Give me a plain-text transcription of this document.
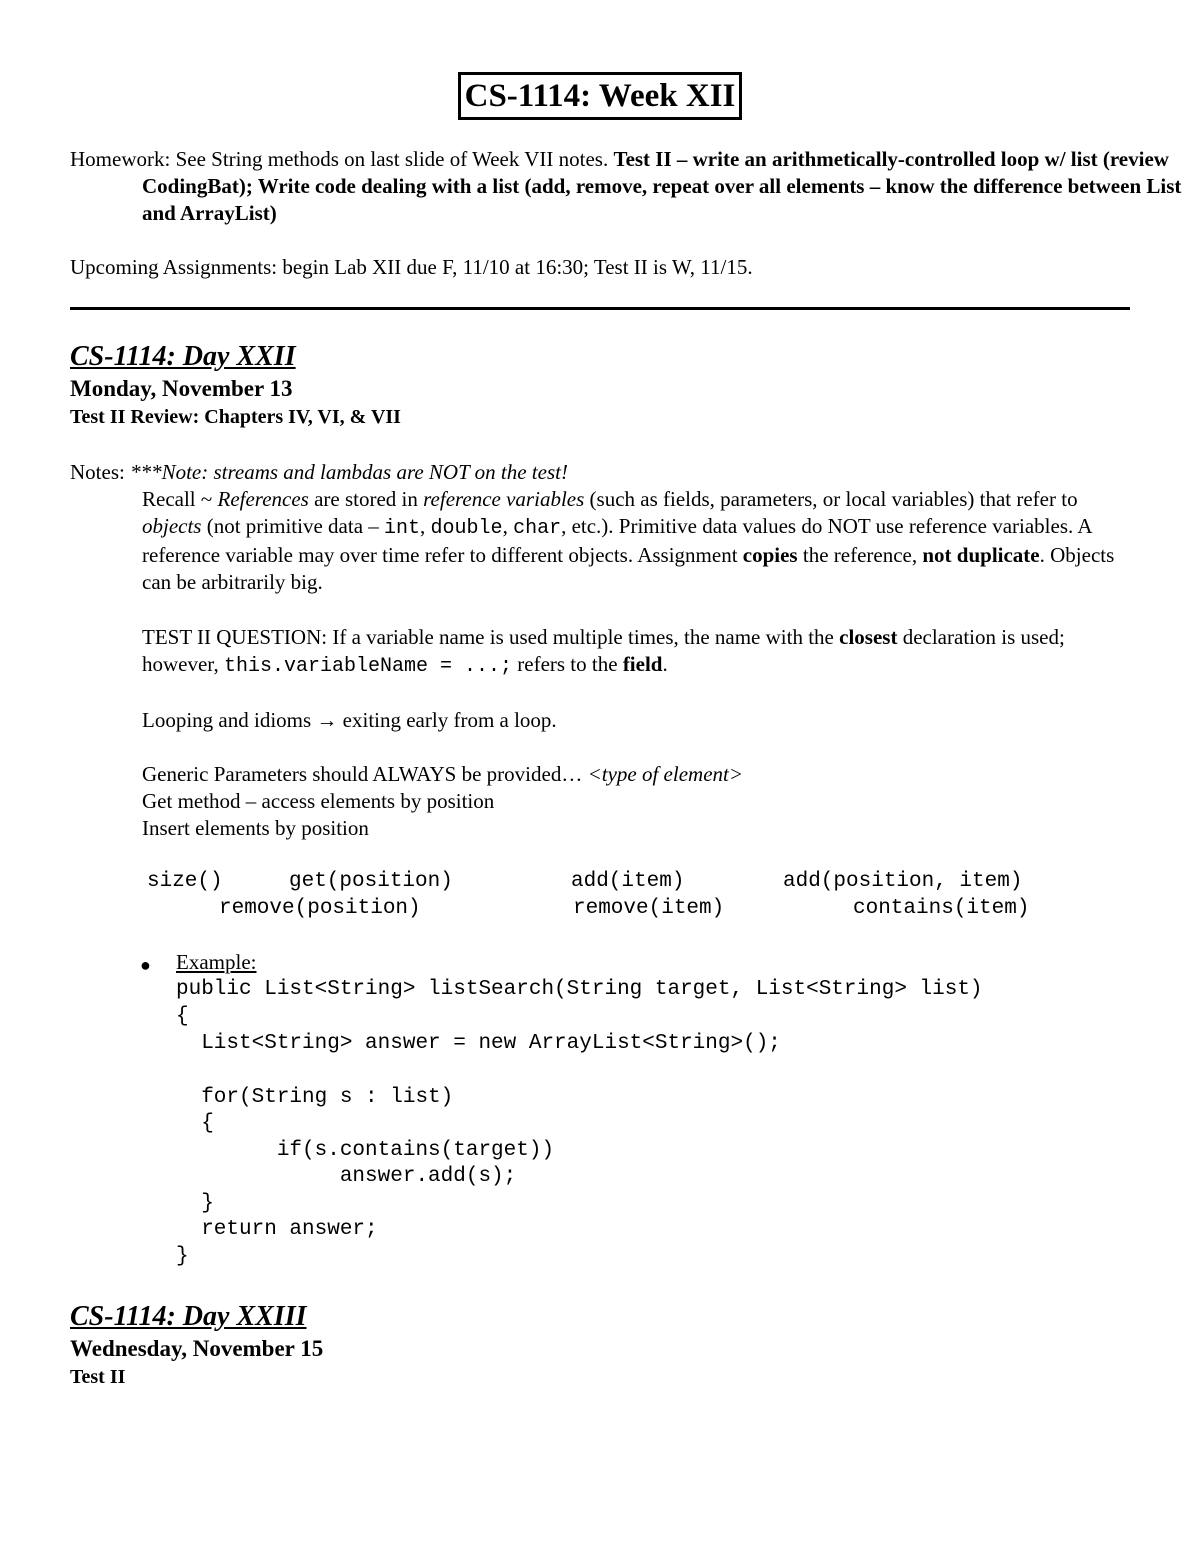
CS-1114: Week XII
Homework: See String methods on last slide of Week VII notes. Test II – write an arithmetically-controlled loop w/ list (review CodingBat); Write code dealing with a list (add, remove, repeat over all elements – know the difference between List and ArrayList)
Upcoming Assignments: begin Lab XII due F, 11/10 at 16:30; Test II is W, 11/15.
CS-1114: Day XXII
Monday, November 13
Test II Review: Chapters IV, VI, & VII
Notes: ***Note: streams and lambdas are NOT on the test!
Recall ~ References are stored in reference variables (such as fields, parameters, or local variables) that refer to objects (not primitive data – int, double, char, etc.). Primitive data values do NOT use reference variables. A reference variable may over time refer to different objects. Assignment copies the reference, not duplicate. Objects can be arbitrarily big.
TEST II QUESTION: If a variable name is used multiple times, the name with the closest declaration is used; however, this.variableName = ...; refers to the field.
Looping and idioms → exiting early from a loop.
Generic Parameters should ALWAYS be provided… <type of element>
Get method – access elements by position
Insert elements by position
size()	get(position)	add(item)	add(position, item)
remove(position)	remove(item)	contains(item)
● Example:
public List<String> listSearch(String target, List<String> list)
{
List<String> answer = new ArrayList<String>();
for(String s : list)
{
if(s.contains(target))
answer.add(s);
}
return answer;
}
CS-1114: Day XXIII
Wednesday, November 15
Test II
